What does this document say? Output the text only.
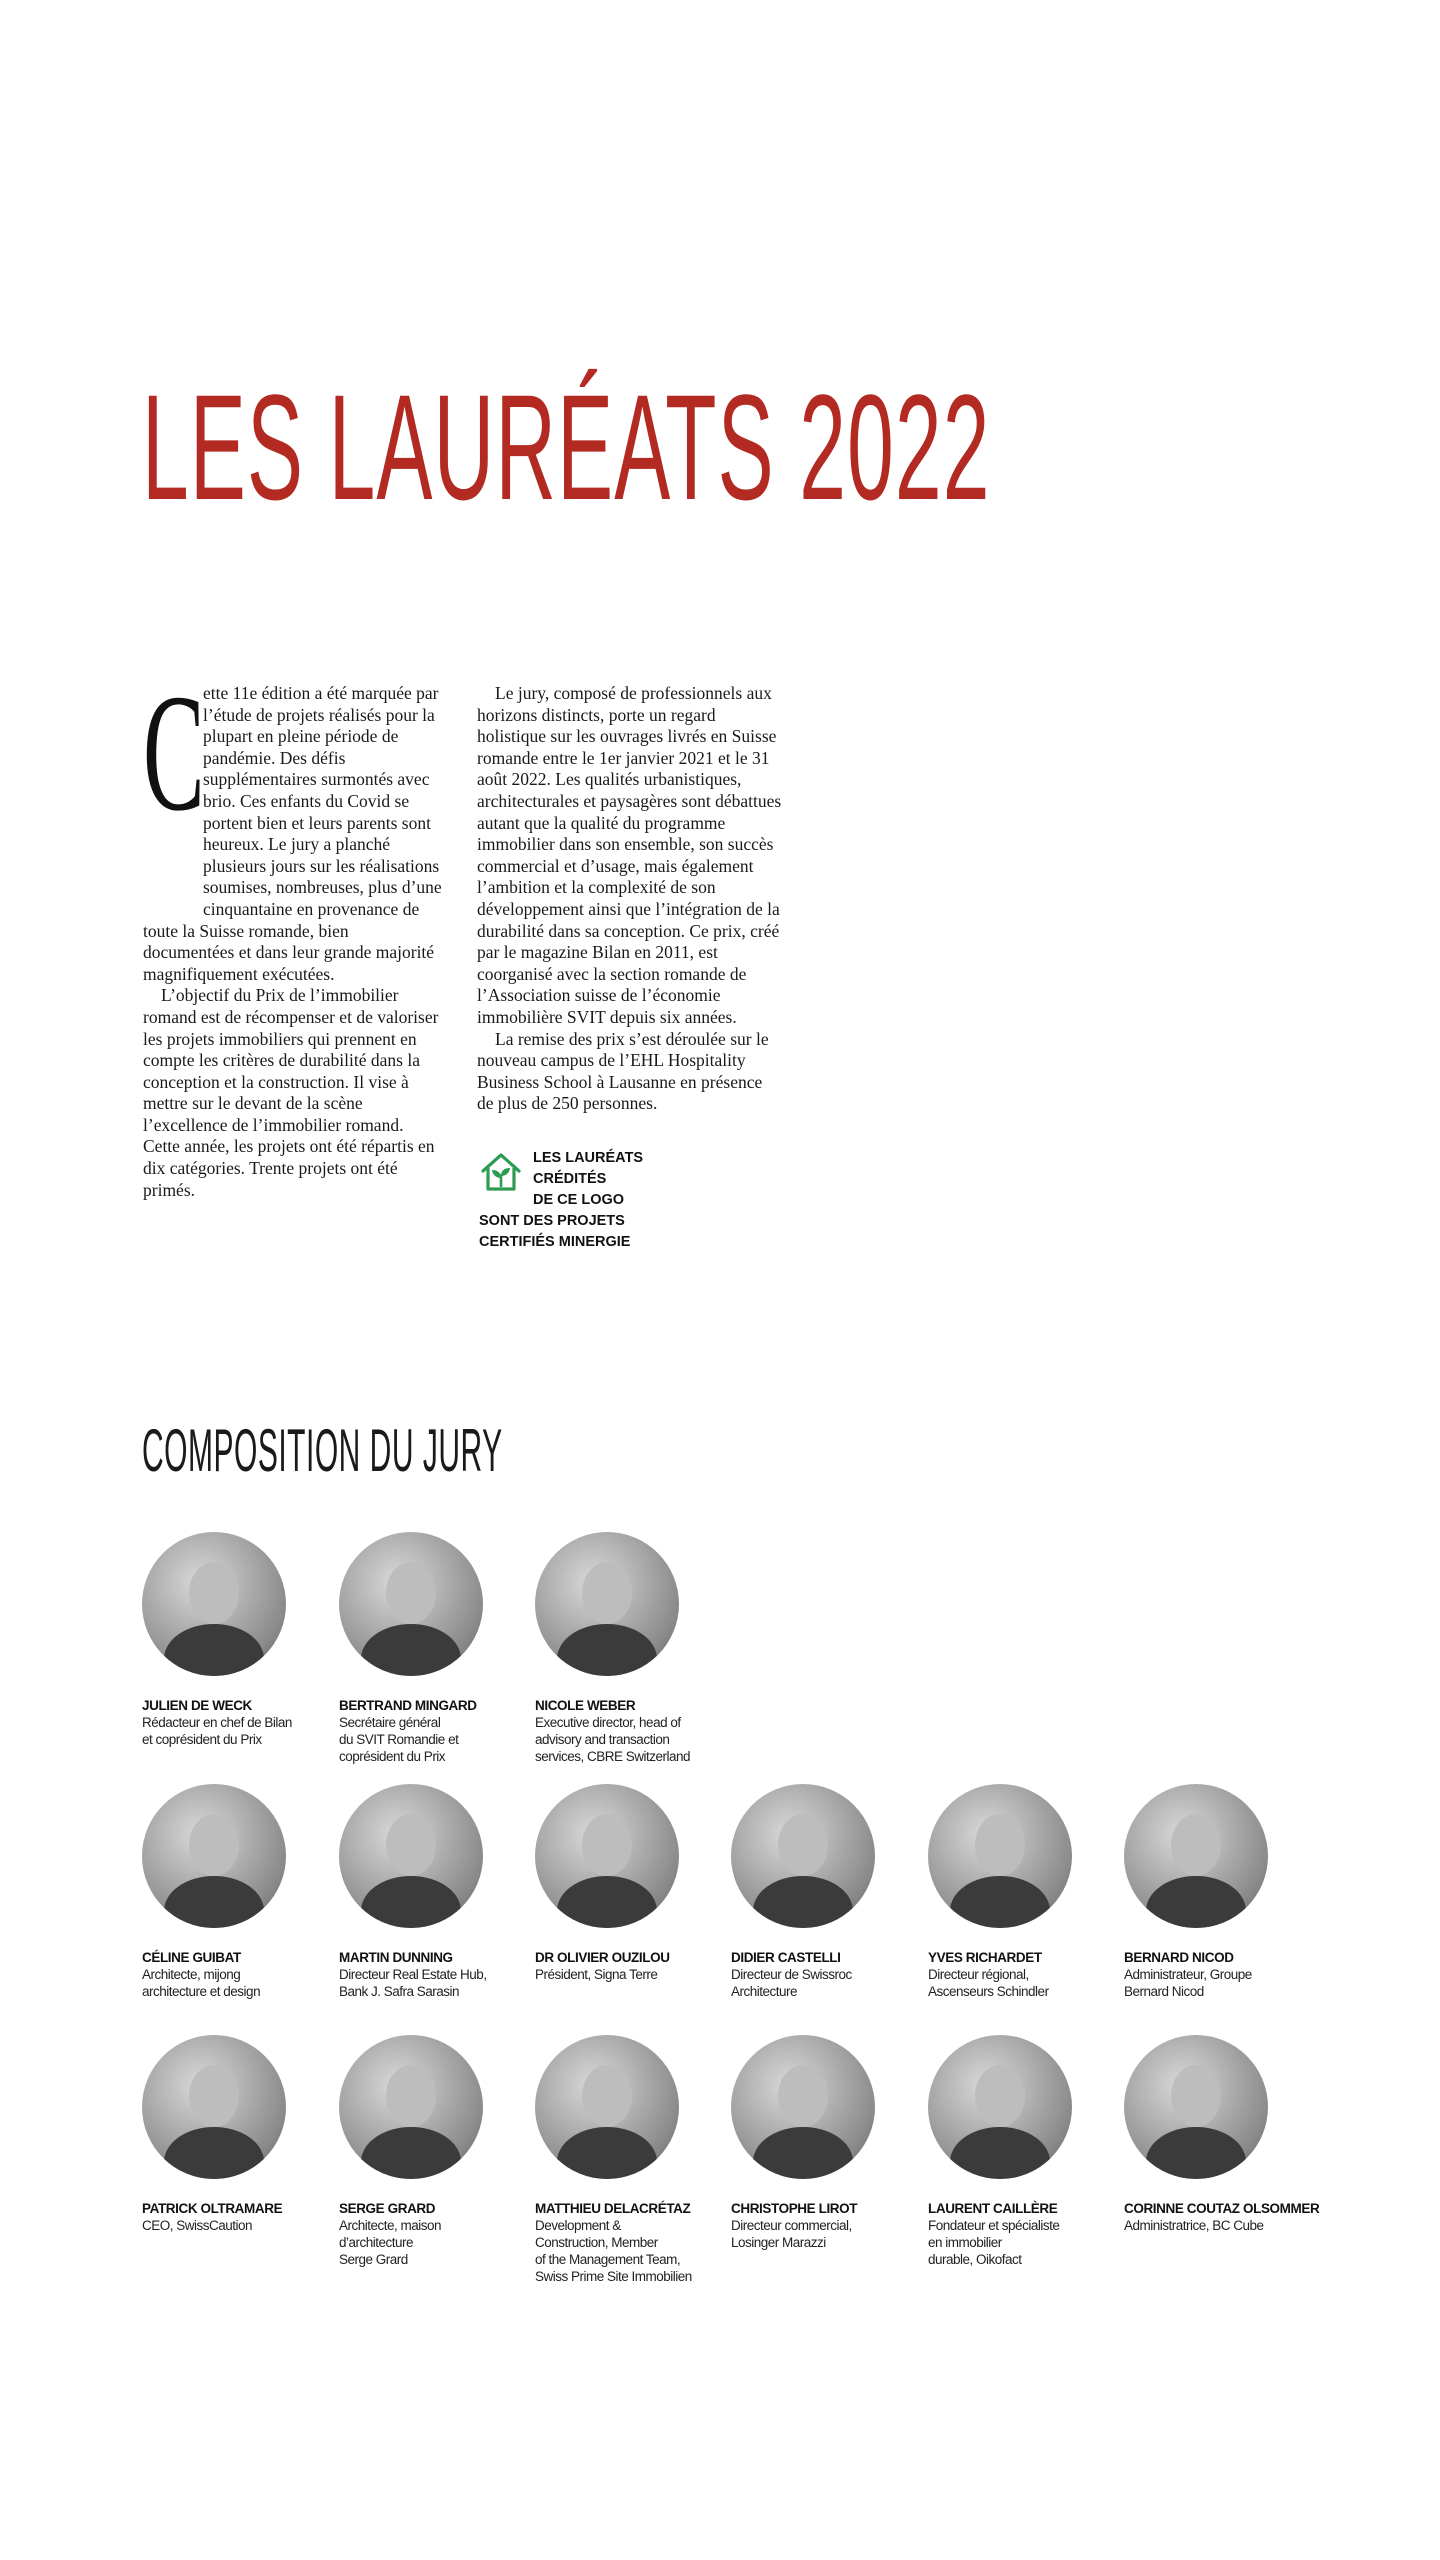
LES LAURÉATS 2022
C

ette 11e édition a été marquée par l’étude de projets réalisés pour la plupart en pleine période de pandémie. Des défis supplémentaires surmontés avec brio. Ces enfants du Covid se portent bien et leurs parents sont heureux. Le jury a planché plusieurs jours sur les réalisations soumises, nombreuses, plus d’une cinquantaine en provenance de toute la Suisse romande, bien documentées et dans leur grande majorité magnifiquement exécutées.

L’objectif du Prix de l’immobilier romand est de récompenser et de valoriser les projets immobiliers qui prennent en compte les critères de durabilité dans la conception et la construction. Il vise à mettre sur le devant de la scène l’excellence de l’immobilier romand. Cette année, les projets ont été répartis en dix catégories. Trente projets ont été primés.

Le jury, composé de professionnels aux horizons distincts, porte un regard holistique sur les ouvrages livrés en Suisse romande entre le 1er janvier 2021 et le 31 août 2022. Les qualités urbanistiques, architecturales et paysagères sont débattues autant que la qualité du programme immobilier dans son ensemble, son succès commercial et d’usage, mais également l’ambition et la complexité de son développement ainsi que l’intégration de la durabilité dans sa conception. Ce prix, créé par le magazine Bilan en 2011, est coorganisé avec la section romande de l’Association suisse de l’économie immobilière SVIT depuis six années.

La remise des prix s’est déroulée sur le nouveau campus de l’EHL Hospitality Business School à Lausanne en présence de plus de 250 personnes.

LES LAURÉATS
CRÉDITÉS
DE CE LOGO
SONT DES PROJETS
CERTIFIÉS MINERGIE
COMPOSITION DU JURY
JULIEN DE WECK
Rédacteur en chef de Bilan
et coprésident du Prix
BERTRAND MINGARD
Secrétaire général
du SVIT Romandie et
coprésident du Prix
NICOLE WEBER
Executive director, head of
advisory and transaction
services, CBRE Switzerland
CÉLINE GUIBAT
Architecte, mijong
architecture et design
MARTIN DUNNING
Directeur Real Estate Hub,
Bank J. Safra Sarasin
DR OLIVIER OUZILOU
Président, Signa Terre
DIDIER CASTELLI
Directeur de Swissroc
Architecture
YVES RICHARDET
Directeur régional,
Ascenseurs Schindler
BERNARD NICOD
Administrateur, Groupe
Bernard Nicod
PATRICK OLTRAMARE
CEO, SwissCaution
SERGE GRARD
Architecte, maison
d’architecture
Serge Grard
MATTHIEU DELACRÉTAZ
Development &
Construction, Member
of the Management Team,
Swiss Prime Site Immobilien
CHRISTOPHE LIROT
Directeur commercial,
Losinger Marazzi
LAURENT CAILLÈRE
Fondateur et spécialiste
en immobilier
durable, Oikofact
CORINNE COUTAZ OLSOMMER
Administratrice, BC Cube
